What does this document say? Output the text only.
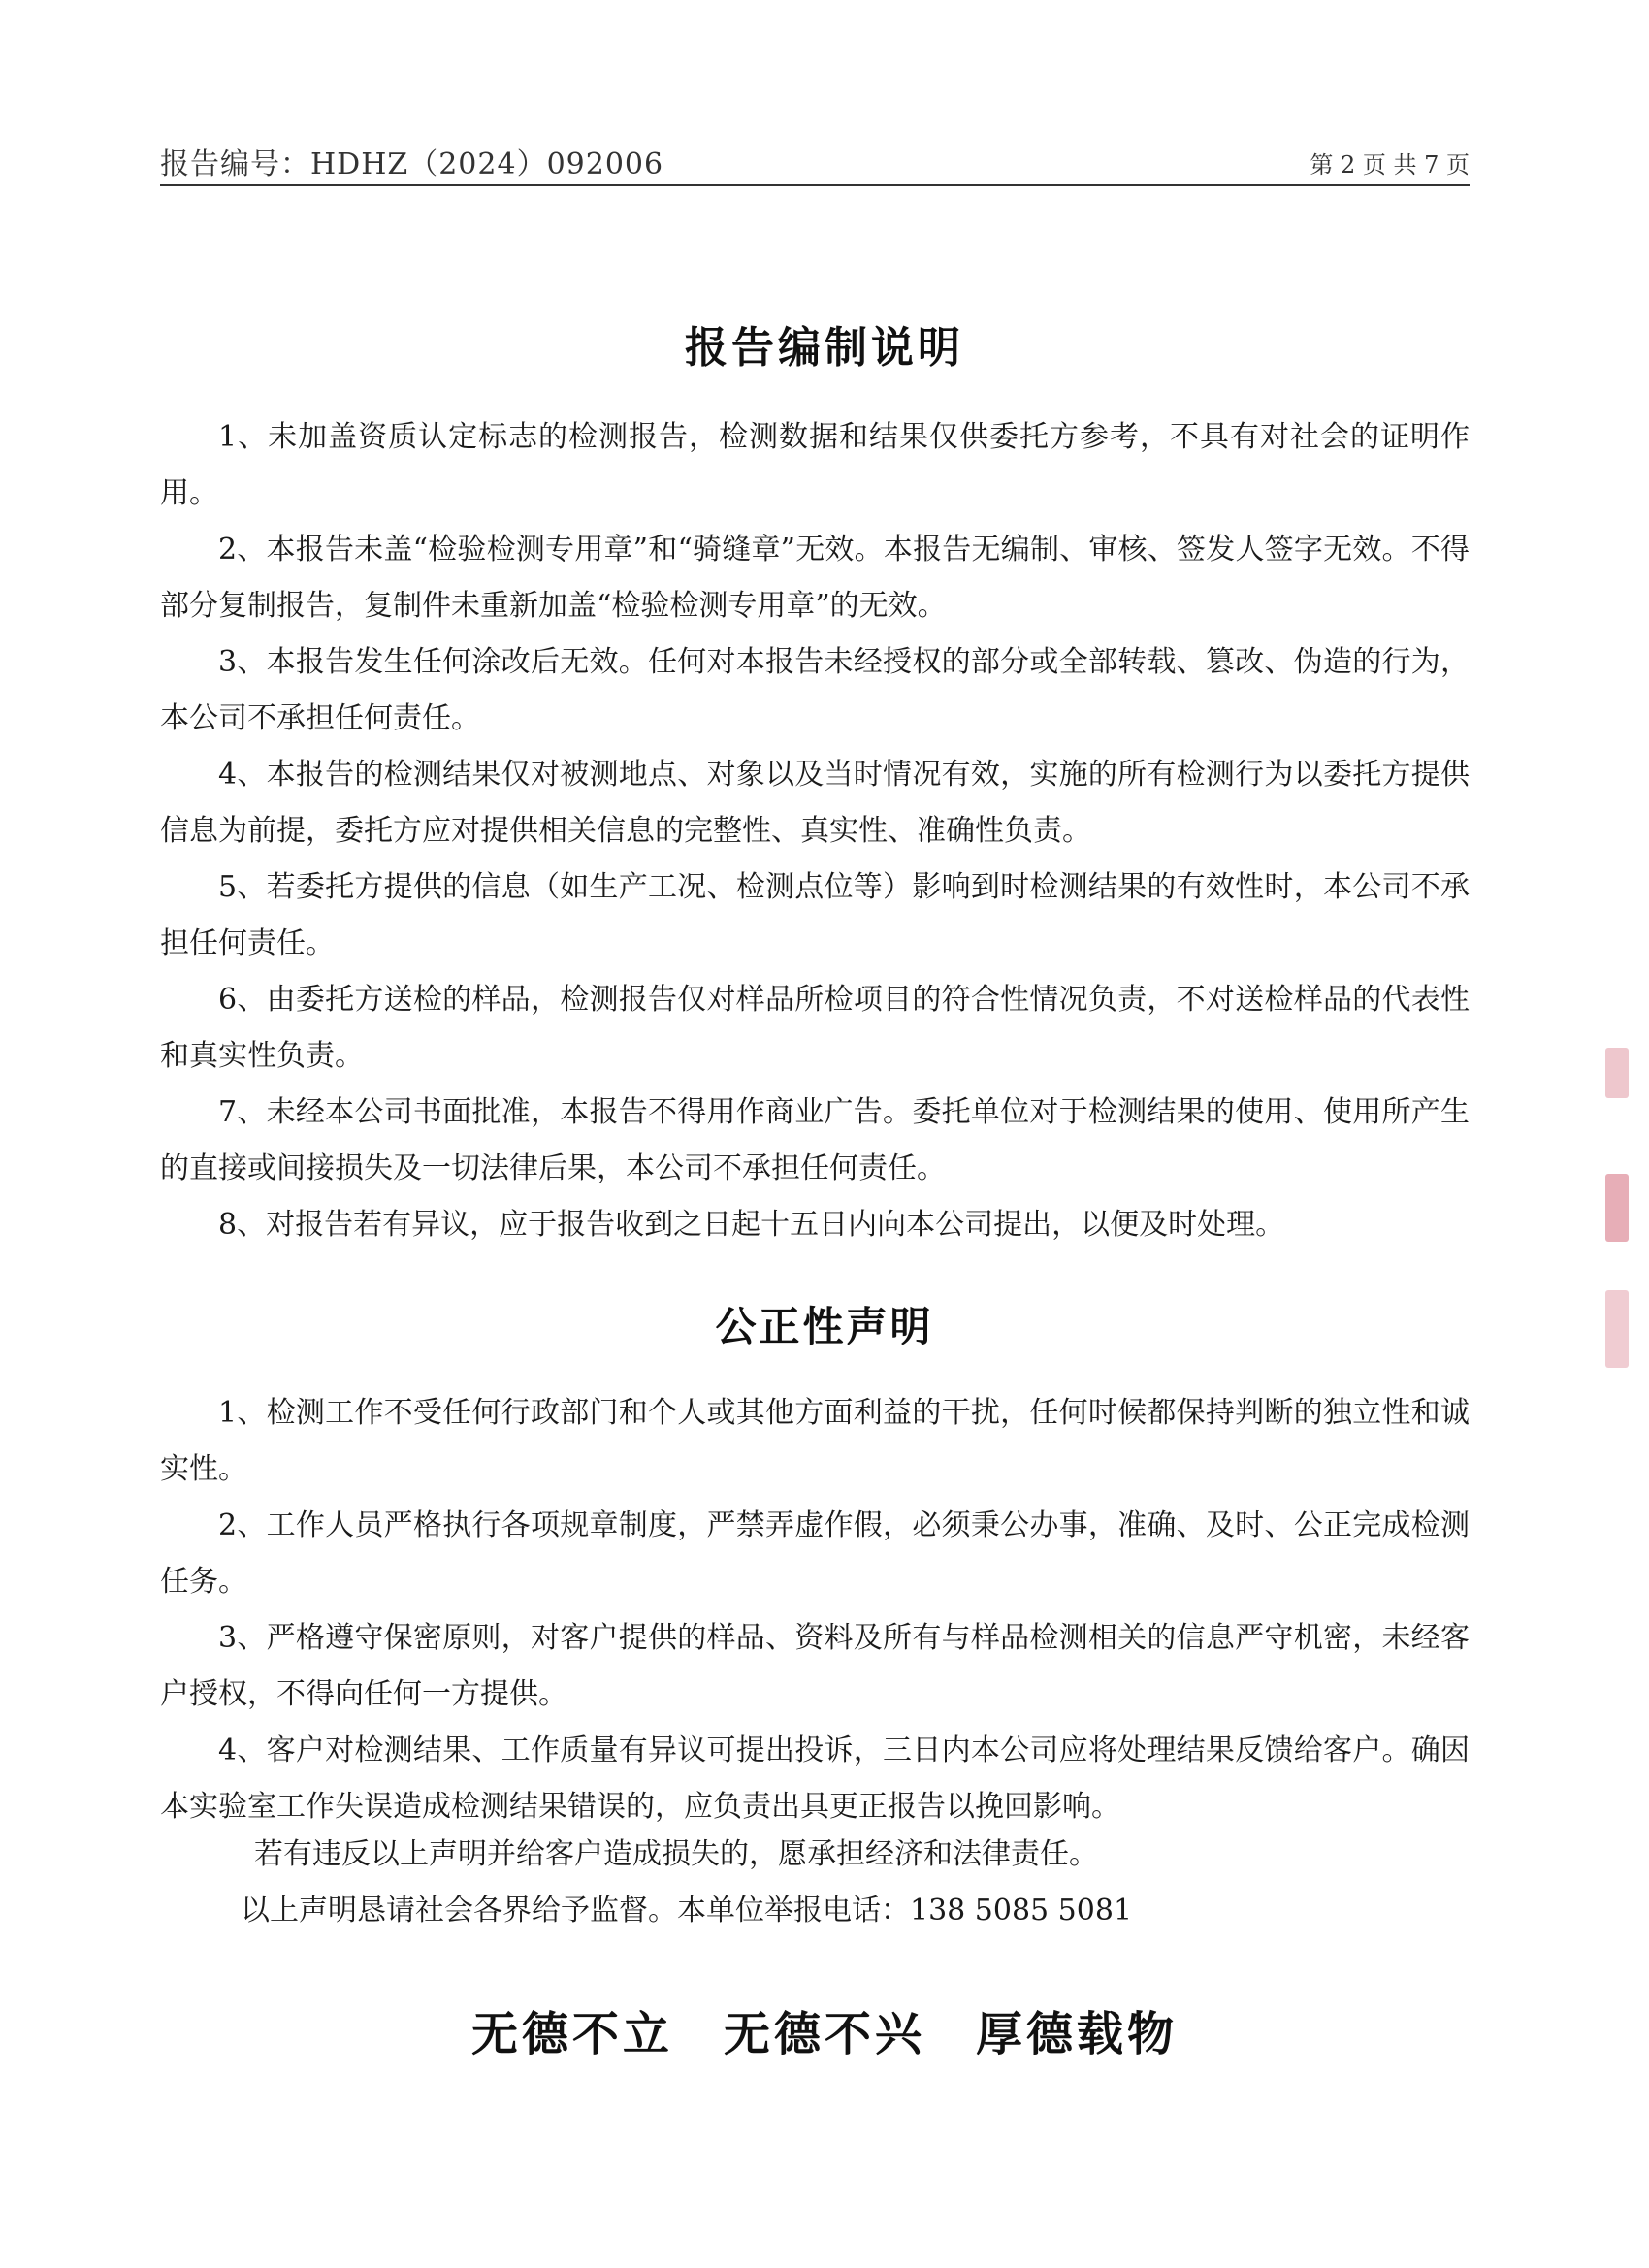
报告编号：HDHZ（2024）092006	第 2 页 共 7 页
报告编制说明

1、未加盖资质认定标志的检测报告，检测数据和结果仅供委托方参考，不具有对社会的证明作用。

2、本报告未盖“检验检测专用章”和“骑缝章”无效。本报告无编制、审核、签发人签字无效。不得部分复制报告，复制件未重新加盖“检验检测专用章”的无效。

3、本报告发生任何涂改后无效。任何对本报告未经授权的部分或全部转载、篡改、伪造的行为，本公司不承担任何责任。

4、本报告的检测结果仅对被测地点、对象以及当时情况有效，实施的所有检测行为以委托方提供信息为前提，委托方应对提供相关信息的完整性、真实性、准确性负责。

5、若委托方提供的信息（如生产工况、检测点位等）影响到时检测结果的有效性时，本公司不承担任何责任。

6、由委托方送检的样品，检测报告仅对样品所检项目的符合性情况负责，不对送检样品的代表性和真实性负责。

7、未经本公司书面批准，本报告不得用作商业广告。委托单位对于检测结果的使用、使用所产生的直接或间接损失及一切法律后果，本公司不承担任何责任。

8、对报告若有异议，应于报告收到之日起十五日内向本公司提出，以便及时处理。

公正性声明

1、检测工作不受任何行政部门和个人或其他方面利益的干扰，任何时候都保持判断的独立性和诚实性。

2、工作人员严格执行各项规章制度，严禁弄虚作假，必须秉公办事，准确、及时、公正完成检测任务。

3、严格遵守保密原则，对客户提供的样品、资料及所有与样品检测相关的信息严守机密，未经客户授权，不得向任何一方提供。

4、客户对检测结果、工作质量有异议可提出投诉，三日内本公司应将处理结果反馈给客户。确因本实验室工作失误造成检测结果错误的，应负责出具更正报告以挽回影响。

若有违反以上声明并给客户造成损失的，愿承担经济和法律责任。
以上声明恳请社会各界给予监督。本单位举报电话：138 5085 5081
无德不立　无德不兴　厚德载物
